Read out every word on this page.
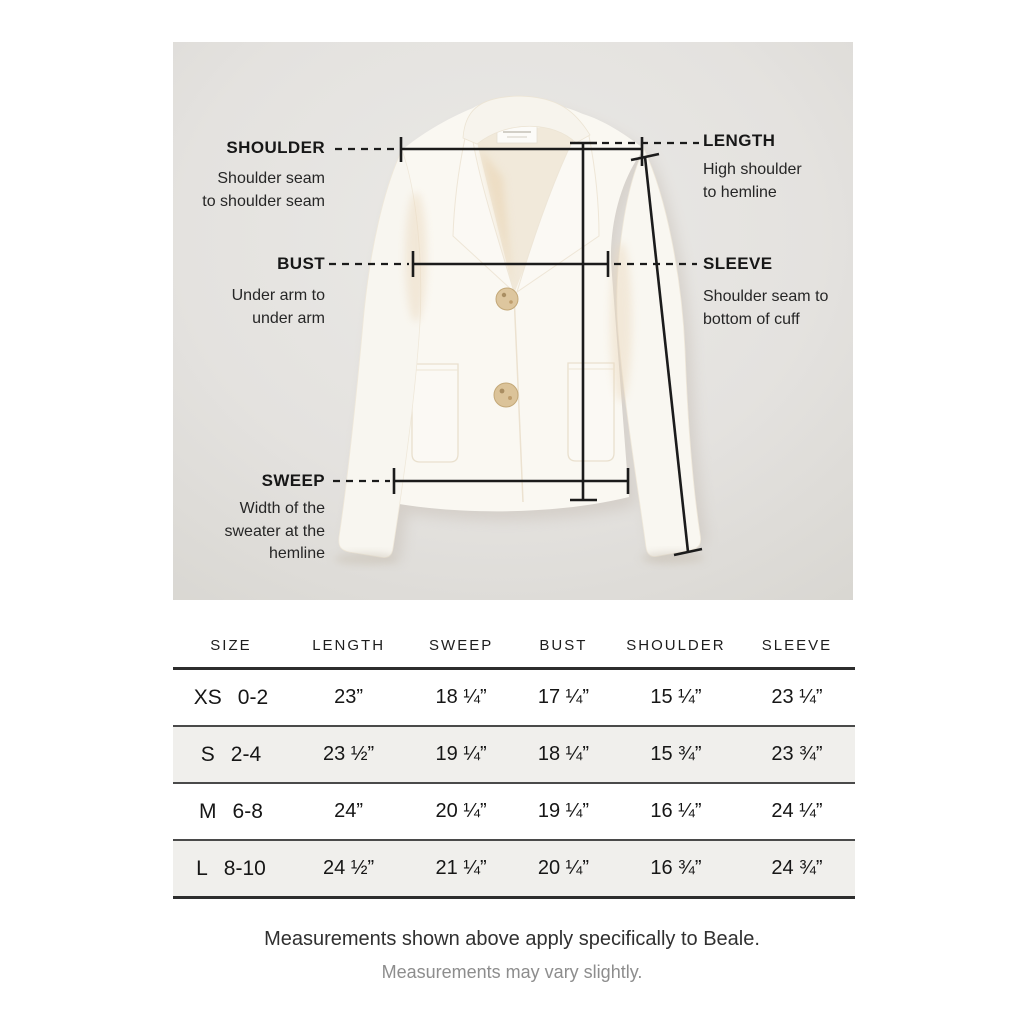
SHOULDER
Shoulder seam
to shoulder seam
BUST
Under arm to
under arm
SWEEP
Width of the
sweater at the
hemline
LENGTH
High shoulder
to hemline
SLEEVE
Shoulder seam to
bottom of cuff
SIZE	LENGTH	SWEEP	BUST	SHOULDER	SLEEVE
XS 0-2	23”	18 ¼”	17 ¼”	15 ¼”	23 ¼”
S 2-4	23 ½”	19 ¼”	18 ¼”	15 ¾”	23 ¾”
M 6-8	24”	20 ¼”	19 ¼”	16 ¼”	24 ¼”
L 8-10	24 ½”	21 ¼”	20 ¼”	16 ¾”	24 ¾”
Measurements shown above apply specifically to Beale.
Measurements may vary slightly.
